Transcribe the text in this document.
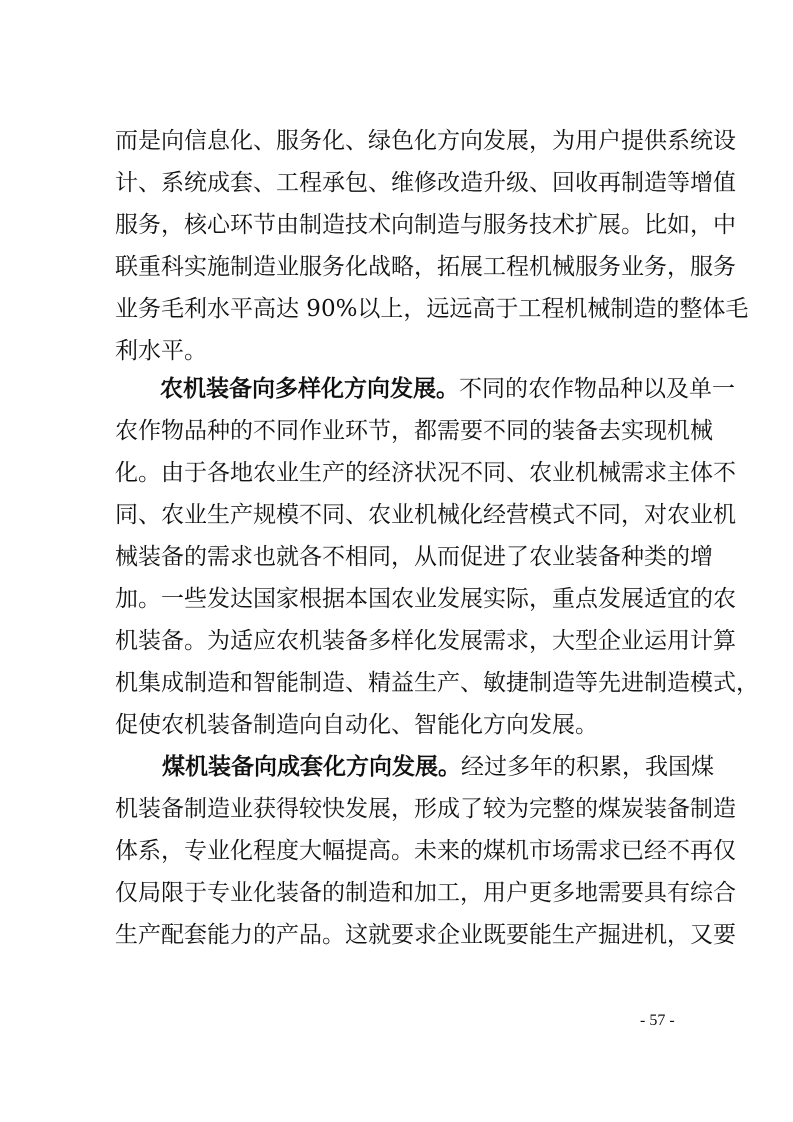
而是向信息化、服务化、绿色化方向发展，为用户提供系统设
计、系统成套、工程承包、维修改造升级、回收再制造等增值
服务，核心环节由制造技术向制造与服务技术扩展。比如，中
联重科实施制造业服务化战略，拓展工程机械服务业务，服务
业务毛利水平高达 90%以上，远远高于工程机械制造的整体毛
利水平。
农机装备向多样化方向发展。不同的农作物品种以及单一
农作物品种的不同作业环节，都需要不同的装备去实现机械
化。由于各地农业生产的经济状况不同、农业机械需求主体不
同、农业生产规模不同、农业机械化经营模式不同，对农业机
械装备的需求也就各不相同，从而促进了农业装备种类的增
加。一些发达国家根据本国农业发展实际，重点发展适宜的农
机装备。为适应农机装备多样化发展需求，大型企业运用计算
机集成制造和智能制造、精益生产、敏捷制造等先进制造模式，
促使农机装备制造向自动化、智能化方向发展。
煤机装备向成套化方向发展。经过多年的积累，我国煤
机装备制造业获得较快发展，形成了较为完整的煤炭装备制造
体系，专业化程度大幅提高。未来的煤机市场需求已经不再仅
仅局限于专业化装备的制造和加工，用户更多地需要具有综合
生产配套能力的产品。这就要求企业既要能生产掘进机，又要
- 57 -
